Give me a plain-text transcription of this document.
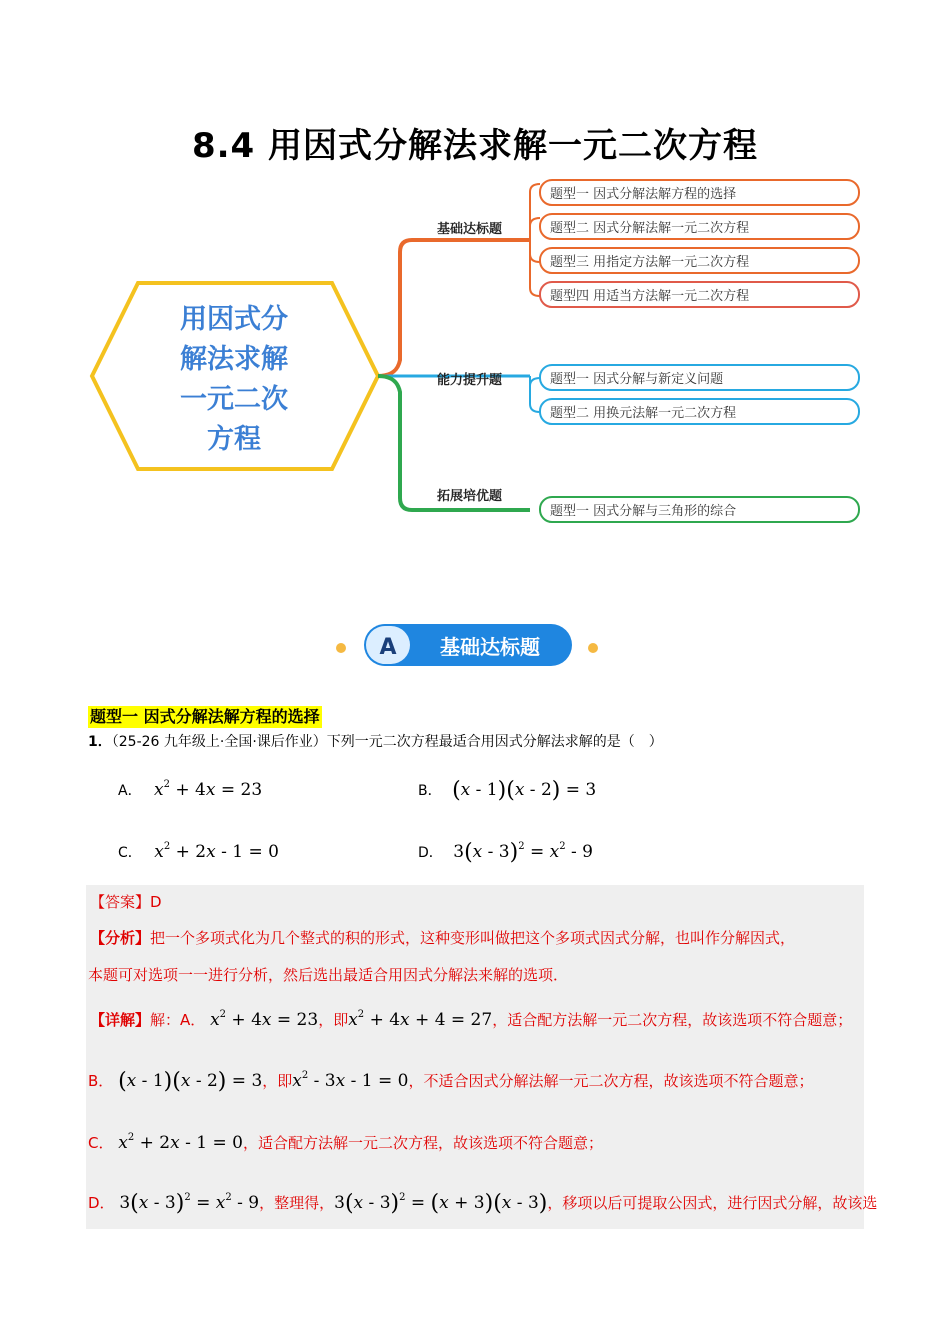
8.4 用因式分解法求解一元二次方程
用因式分
解法求解
一元二次
方程
基础达标题
能力提升题
拓展培优题
题型一 因式分解法解方程的选择
题型二 因式分解法解一元二次方程
题型三 用指定方法解一元二次方程
题型四 用适当方法解一元二次方程
题型一 因式分解与新定义问题
题型二 用换元法解一元二次方程
题型一 因式分解与三角形的综合
A 基础达标题
题型一 因式分解法解方程的选择
1．（25-26 九年级上·全国·课后作业）下列一元二次方程最适合用因式分解法求解的是（　）
A． $x^2 + 4x = 23$	B． (x - 1)(x - 2) = 3
C． $x^2 + 2x - 1 = 0$	D． $3(x - 3)^2 = x^2 - 9$
【答案】D
【分析】把一个多项式化为几个整式的积的形式，这种变形叫做把这个多项式因式分解，也叫作分解因式，
本题可对选项一一进行分析，然后选出最适合用因式分解法来解的选项．
【详解】解：A． $x^2 + 4x = 23$，即$x^2 + 4x + 4 = 27$，适合配方法解一元二次方程，故该选项不符合题意；
B． (x - 1)(x - 2) = 3，即$x^2 - 3x - 1 = 0$，不适合因式分解法解一元二次方程，故该选项不符合题意；
C． $x^2 + 2x - 1 = 0$，适合配方法解一元二次方程，故该选项不符合题意；
D． $3(x - 3)^2 = x^2 - 9$，整理得，3(x - 3)$^2$ = (x + 3)(x - 3)，移项以后可提取公因式，进行因式分解，故该选
